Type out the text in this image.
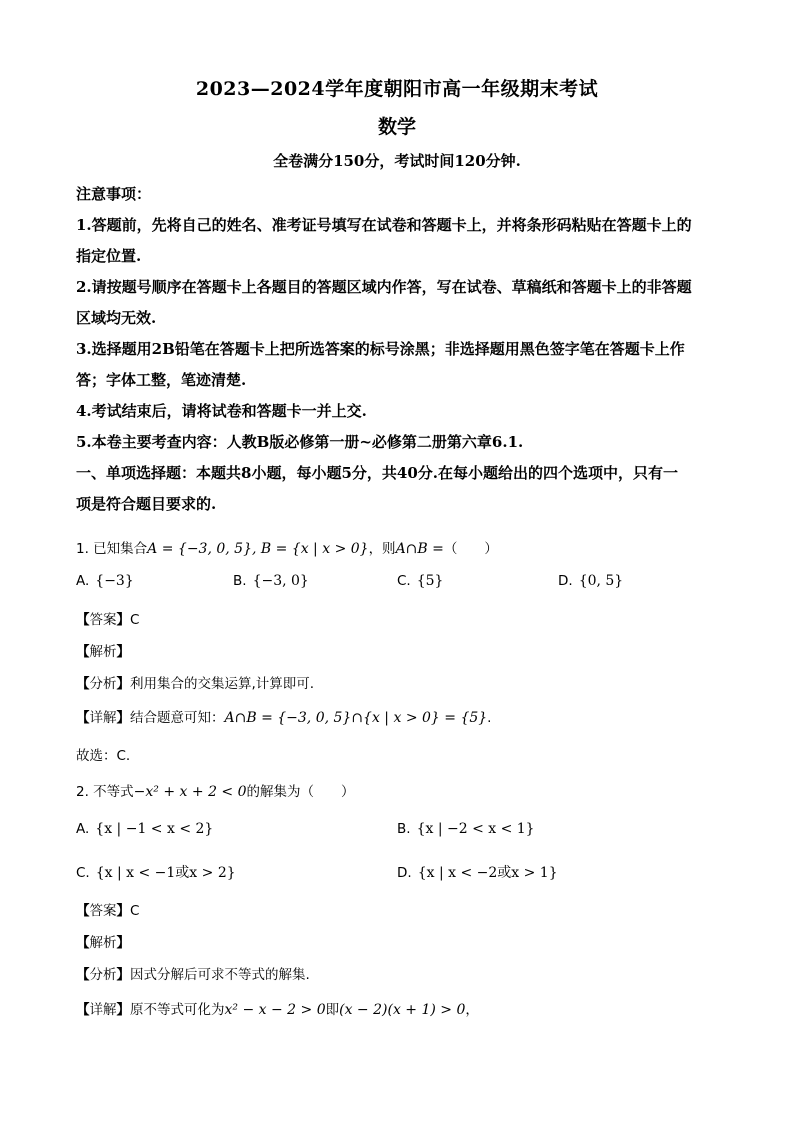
2023—2024学年度朝阳市高一年级期末考试
数学
全卷满分150分，考试时间120分钟.
注意事项：
1.答题前，先将自己的姓名、准考证号填写在试卷和答题卡上，并将条形码粘贴在答题卡上的
指定位置.
2.请按题号顺序在答题卡上各题目的答题区域内作答，写在试卷、草稿纸和答题卡上的非答题
区域均无效.
3.选择题用2B铅笔在答题卡上把所选答案的标号涂黑；非选择题用黑色签字笔在答题卡上作
答；字体工整，笔迹清楚.
4.考试结束后，请将试卷和答题卡一并上交.
5.本卷主要考查内容：人教B版必修第一册~必修第二册第六章6.1.
一、单项选择题：本题共8小题，每小题5分，共40分.在每小题给出的四个选项中，只有一
项是符合题目要求的.
1. 已知集合A = {−3, 0, 5}, B = {x | x > 0}，则A∩B =（　　）
A. {−3}	B. {−3, 0}	C. {5}	D. {0, 5}
【答案】C
【解析】
【分析】利用集合的交集运算,计算即可.
【详解】结合题意可知：A∩B = {−3, 0, 5}∩{x | x > 0} = {5}.
故选：C.
2. 不等式−x² + x + 2 < 0的解集为（　　）
A. {x | −1 < x < 2}	B. {x | −2 < x < 1}
C. {x | x < −1或x > 2}	D. {x | x < −2或x > 1}
【答案】C
【解析】
【分析】因式分解后可求不等式的解集.
【详解】原不等式可化为x² − x − 2 > 0即(x − 2)(x + 1) > 0，
